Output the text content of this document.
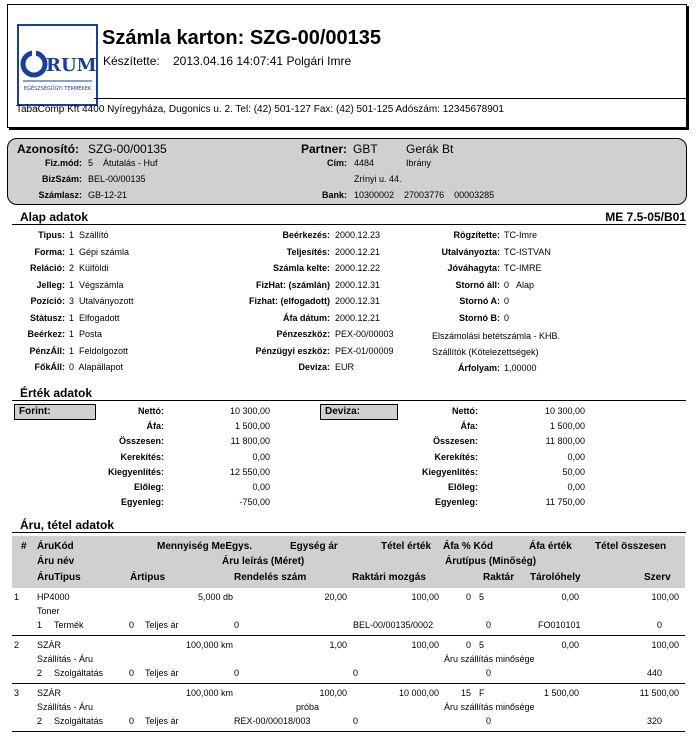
RUM
EGÉSZSÉGÜGYI TERMÉKEK
Számla karton: SZG-00/00135
Készítette: 2013.04.16 14:07:41 Polgári Imre
TabaComp Kft 4400 Nyíregyháza, Dugonics u. 2. Tel: (42) 501-127 Fax: (42) 501-125 Adószám: 12345678901
Azonosító: SZG-00/00135
Fiz.mód: 5    Átutalás - Huf
BizSzám: BEL-00/00135
Számlasz: GB-12-21
Partner: GBT Gerák Bt
Cím: 4484	Ibrány
Zrínyi u. 44.
Bank: 10300002    27003776    00003285
Alap adatok	ME 7.5-05/B01
Tipus: 1  Szállító
Forma: 1  Gépi számla
Reláció: 2  Külföldi
Jelleg: 1  Végszámla
Pozíció: 3  Utalványozott
Státusz: 1  Elfogadott
Beérkez: 1  Posta
PénzÁll: 1  Feldolgozott
FőkÁll: 0  Alapállapot
Beérkezés: 2000.12.23
Teljesítés: 2000.12.21
Számla kelte: 2000.12.22
FizHat: (számlán) 2000.12.31
Fizhat: (elfogadott) 2000.12.31
Áfa dátum: 2000.12.21
Pénzeszköz: PEX-00/00003
Pénzügyi eszköz: PEX-01/00009
Deviza: EUR
Rögzítette: TC-Imre
Utalványozta: TC-ISTVAN
Jóváhagyta: TC-IMRE
Stornó áll: 0   Alap
Stornó A: 0
Stornó B: 0
Elszámolási betétszámla - KHB.
Szállítók (Kötelezettségek)
Árfolyam: 1,00000
Érték adatok
Forint:	Deviza:
Nettó:	10 300,00	Nettó:	10 300,00
Áfa:	1 500,00	Áfa:	1 500,00
Összesen:	11 800,00	Összesen:	11 800,00
Kerekítés:	0,00	Kerekítés:	0,00
Kiegyenlítés:	12 550,00	Kiegyenlítés:	50,00
Előleg:	0,00	Előleg:	0,00
Egyenleg:	-750,00	Egyenleg:	11 750,00
Áru, tétel adatok
# ÁruKód	Mennyiség MeEgys.	Egység ár	Tétel érték Áfa % Kód	Áfa érték Tétel összesen
Áru név	Áru leírás (Méret)	Árutípus (Minőség)
ÁruTipus	Ártipus	Rendelés szám	Raktári mozgás	Raktár Tárolóhely	Szerv
1 HP4000	5,000 db	20,00	100,00	0 5	0,00	100,00
Toner
1 Termék	0 Teljes ár	0	BEL-00/00135/0002	0	FO010101	0
2 SZÁR	100,000 km	1,00	100,00	0 5	0,00	100,00
Szállítás - Áru	Áru szállítás minősége
2 Szolgáltatás	0 Teljes ár	0	0	0	440
3 SZÁR	100,000 km	100,00	10 000,00	15 F	1 500,00	11 500,00
Szállítás - Áru	próba	Áru szállítás minősége
2 Szolgáltatás	0 Teljes ár	REX-00/00018/003	0	0	320
